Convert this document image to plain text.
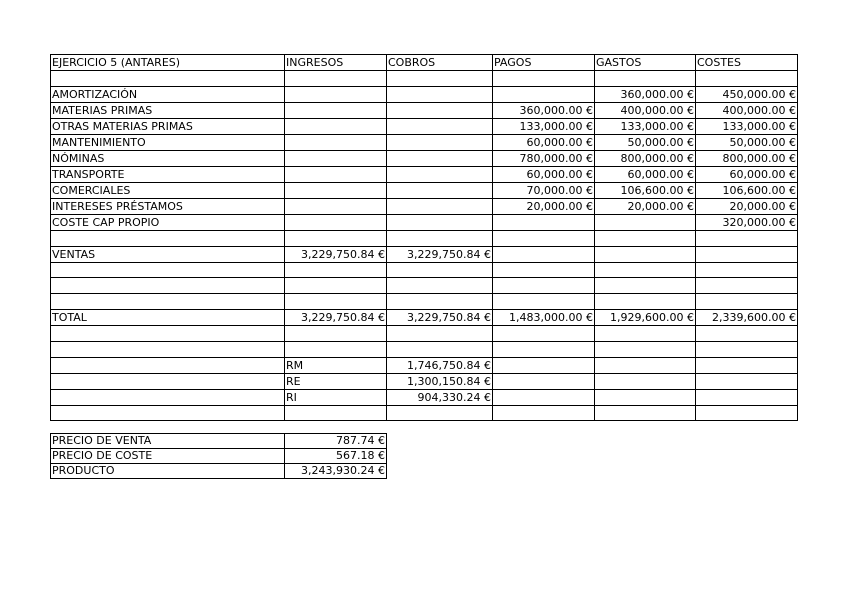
EJERCICIO 5 (ANTARES)	INGRESOS	COBROS	PAGOS	GASTOS	COSTES

AMORTIZACIÓN				360,000.00 €	450,000.00 €
MATERIAS PRIMAS			360,000.00 €	400,000.00 €	400,000.00 €
OTRAS MATERIAS PRIMAS			133,000.00 €	133,000.00 €	133,000.00 €
MANTENIMIENTO			60,000.00 €	50,000.00 €	50,000.00 €
NÓMINAS			780,000.00 €	800,000.00 €	800,000.00 €
TRANSPORTE			60,000.00 €	60,000.00 €	60,000.00 €
COMERCIALES			70,000.00 €	106,600.00 €	106,600.00 €
INTERESES PRÉSTAMOS			20,000.00 €	20,000.00 €	20,000.00 €
COSTE CAP PROPIO					320,000.00 €

VENTAS	3,229,750.84 €	3,229,750.84 €			

TOTAL	3,229,750.84 €	3,229,750.84 €	1,483,000.00 €	1,929,600.00 €	2,339,600.00 €

	RM	1,746,750.84 €			
	RE	1,300,150.84 €			
	RI	904,330.24 €			

PRECIO DE VENTA	787.74 €
PRECIO DE COSTE	567.18 €
PRODUCTO	3,243,930.24 €
